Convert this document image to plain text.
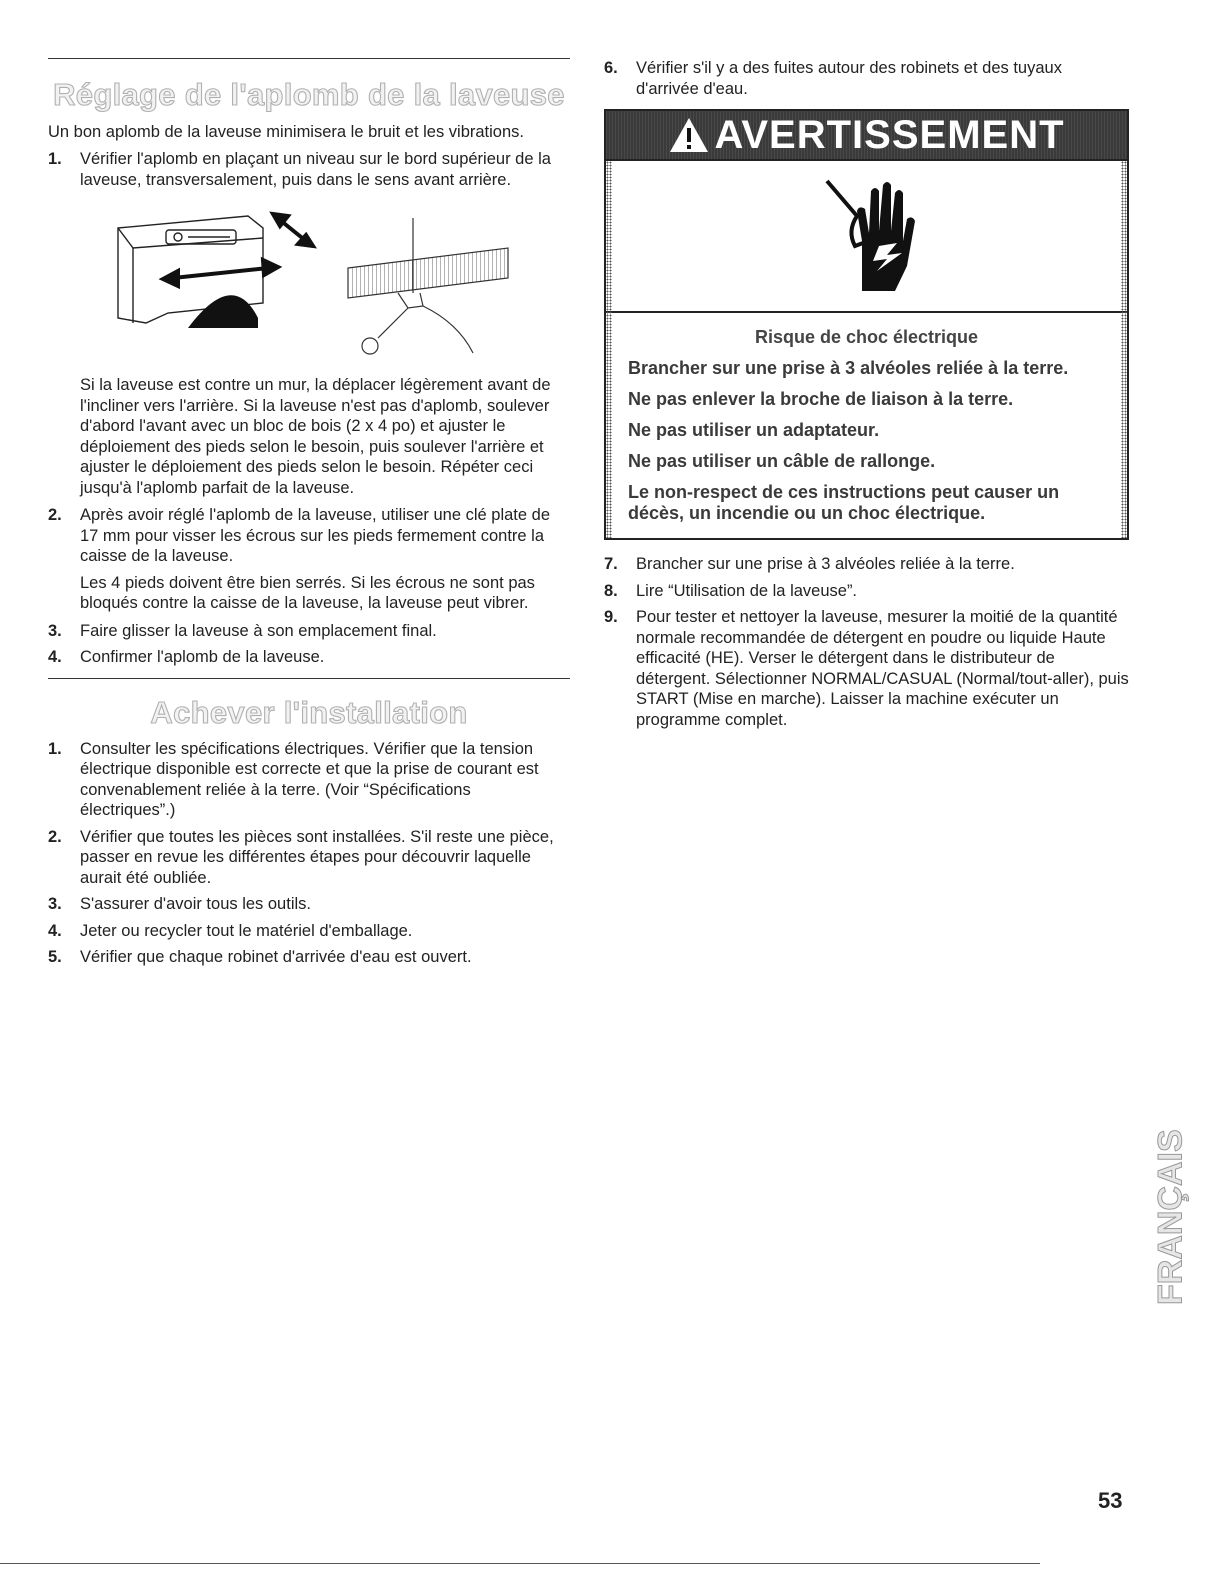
Réglage de l'aplomb de la laveuse

Un bon aplomb de la laveuse minimisera le bruit et les vibrations.

1.	Vérifier l'aplomb en plaçant un niveau sur le bord supérieur de la laveuse, transversalement, puis dans le sens avant arrière.

Si la laveuse est contre un mur, la déplacer légèrement avant de l'incliner vers l'arrière. Si la laveuse n'est pas d'aplomb, soulever d'abord l'avant avec un bloc de bois (2 x 4 po) et ajuster le déploiement des pieds selon le besoin, puis soulever l'arrière et ajuster le déploiement des pieds selon le besoin. Répéter ceci jusqu'à l'aplomb parfait de la laveuse.

2.	Après avoir réglé l'aplomb de la laveuse, utiliser une clé plate de 17 mm pour visser les écrous sur les pieds fermement contre la caisse de la laveuse.

Les 4 pieds doivent être bien serrés. Si les écrous ne sont pas bloqués contre la caisse de la laveuse, la laveuse peut vibrer.

3.	Faire glisser la laveuse à son emplacement final.
4.	Confirmer l'aplomb de la laveuse.
Achever l'installation
1.	Consulter les spécifications électriques. Vérifier que la tension électrique disponible est correcte et que la prise de courant est convenablement reliée à la terre. (Voir “Spécifications électriques”.)
2.	Vérifier que toutes les pièces sont installées. S'il reste une pièce, passer en revue les différentes étapes pour découvrir laquelle aurait été oubliée.
3.	S'assurer d'avoir tous les outils.
4.	Jeter ou recycler tout le matériel d'emballage.
5.	Vérifier que chaque robinet d'arrivée d'eau est ouvert.
6.	Vérifier s'il y a des fuites autour des robinets et des tuyaux d'arrivée d'eau.
AVERTISSEMENT

Risque de choc électrique

Brancher sur une prise à 3 alvéoles reliée à la terre.

Ne pas enlever la broche de liaison à la terre.

Ne pas utiliser un adaptateur.

Ne pas utiliser un câble de rallonge.

Le non-respect de ces instructions peut causer un décès, un incendie ou un choc électrique.

7.	Brancher sur une prise à 3 alvéoles reliée à la terre.
8.	Lire “Utilisation de la laveuse”.
9.	Pour tester et nettoyer la laveuse, mesurer la moitié de la quantité normale recommandée de détergent en poudre ou liquide Haute efficacité (HE). Verser le détergent dans le distributeur de détergent. Sélectionner NORMAL/CASUAL (Normal/tout-aller), puis START (Mise en marche). Laisser la machine exécuter un programme complet.
FRANÇAIS
53
